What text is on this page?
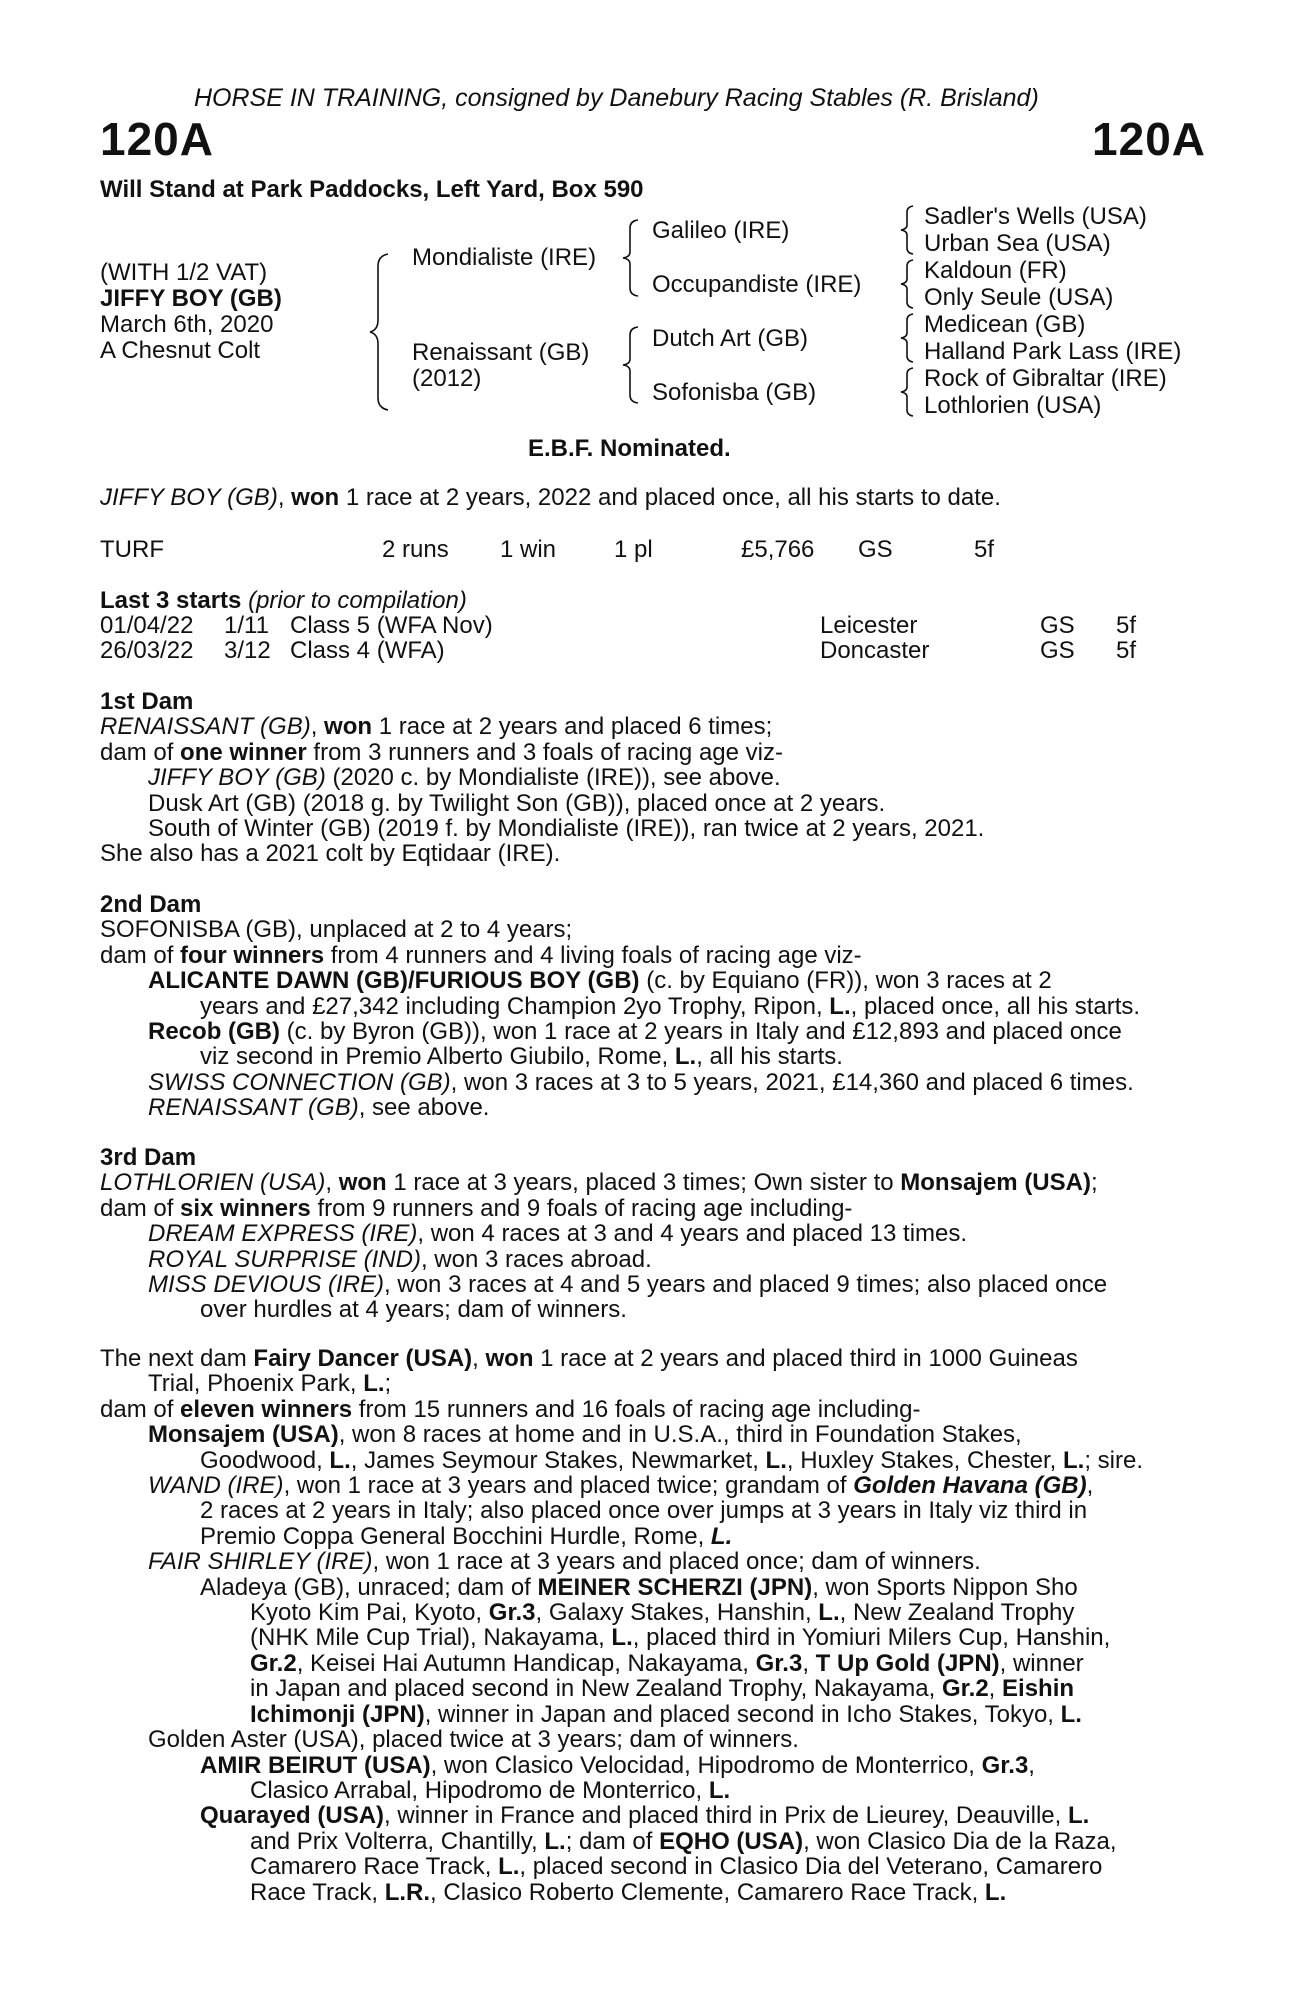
HORSE IN TRAINING, consigned by Danebury Racing Stables (R. Brisland)
120A	120A
Will Stand at Park Paddocks, Left Yard, Box 590
(WITH 1/2 VAT)
JIFFY BOY (GB)
March 6th, 2020
A Chesnut Colt
Mondialiste (IRE)
Renaissant (GB)
(2012)
Galileo (IRE)
Occupandiste (IRE)
Dutch Art (GB)
Sofonisba (GB)
Sadler's Wells (USA)
Urban Sea (USA)
Kaldoun (FR)
Only Seule (USA)
Medicean (GB)
Halland Park Lass (IRE)
Rock of Gibraltar (IRE)
Lothlorien (USA)
E.B.F. Nominated.
JIFFY BOY (GB), won 1 race at 2 years, 2022 and placed once, all his starts to date.
TURF	2 runs 1 win 1 pl	£5,766 GS	5f
Last 3 starts (prior to compilation)
01/04/22 1/11 Class 5 (WFA Nov)	Leicester	GS 5f
26/03/22 3/12 Class 4 (WFA)	Doncaster	GS 5f
1st Dam
RENAISSANT (GB), won 1 race at 2 years and placed 6 times;
dam of one winner from 3 runners and 3 foals of racing age viz-
JIFFY BOY (GB) (2020 c. by Mondialiste (IRE)), see above.
Dusk Art (GB) (2018 g. by Twilight Son (GB)), placed once at 2 years.
South of Winter (GB) (2019 f. by Mondialiste (IRE)), ran twice at 2 years, 2021.
She also has a 2021 colt by Eqtidaar (IRE).
2nd Dam
SOFONISBA (GB), unplaced at 2 to 4 years;
dam of four winners from 4 runners and 4 living foals of racing age viz-
ALICANTE DAWN (GB)/FURIOUS BOY (GB) (c. by Equiano (FR)), won 3 races at 2
years and £27,342 including Champion 2yo Trophy, Ripon, L., placed once, all his starts.
Recob (GB) (c. by Byron (GB)), won 1 race at 2 years in Italy and £12,893 and placed once
viz second in Premio Alberto Giubilo, Rome, L., all his starts.
SWISS CONNECTION (GB), won 3 races at 3 to 5 years, 2021, £14,360 and placed 6 times.
RENAISSANT (GB), see above.
3rd Dam
LOTHLORIEN (USA), won 1 race at 3 years, placed 3 times; Own sister to Monsajem (USA);
dam of six winners from 9 runners and 9 foals of racing age including-
DREAM EXPRESS (IRE), won 4 races at 3 and 4 years and placed 13 times.
ROYAL SURPRISE (IND), won 3 races abroad.
MISS DEVIOUS (IRE), won 3 races at 4 and 5 years and placed 9 times; also placed once
over hurdles at 4 years; dam of winners.
The next dam Fairy Dancer (USA), won 1 race at 2 years and placed third in 1000 Guineas
Trial, Phoenix Park, L.;
dam of eleven winners from 15 runners and 16 foals of racing age including-
Monsajem (USA), won 8 races at home and in U.S.A., third in Foundation Stakes,
Goodwood, L., James Seymour Stakes, Newmarket, L., Huxley Stakes, Chester, L.; sire.
WAND (IRE), won 1 race at 3 years and placed twice; grandam of Golden Havana (GB),
2 races at 2 years in Italy; also placed once over jumps at 3 years in Italy viz third in
Premio Coppa General Bocchini Hurdle, Rome, L.
FAIR SHIRLEY (IRE), won 1 race at 3 years and placed once; dam of winners.
Aladeya (GB), unraced; dam of MEINER SCHERZI (JPN), won Sports Nippon Sho
Kyoto Kim Pai, Kyoto, Gr.3, Galaxy Stakes, Hanshin, L., New Zealand Trophy
(NHK Mile Cup Trial), Nakayama, L., placed third in Yomiuri Milers Cup, Hanshin,
Gr.2, Keisei Hai Autumn Handicap, Nakayama, Gr.3, T Up Gold (JPN), winner
in Japan and placed second in New Zealand Trophy, Nakayama, Gr.2, Eishin
Ichimonji (JPN), winner in Japan and placed second in Icho Stakes, Tokyo, L.
Golden Aster (USA), placed twice at 3 years; dam of winners.
AMIR BEIRUT (USA), won Clasico Velocidad, Hipodromo de Monterrico, Gr.3,
Clasico Arrabal, Hipodromo de Monterrico, L.
Quarayed (USA), winner in France and placed third in Prix de Lieurey, Deauville, L.
and Prix Volterra, Chantilly, L.; dam of EQHO (USA), won Clasico Dia de la Raza,
Camarero Race Track, L., placed second in Clasico Dia del Veterano, Camarero
Race Track, L.R., Clasico Roberto Clemente, Camarero Race Track, L.
